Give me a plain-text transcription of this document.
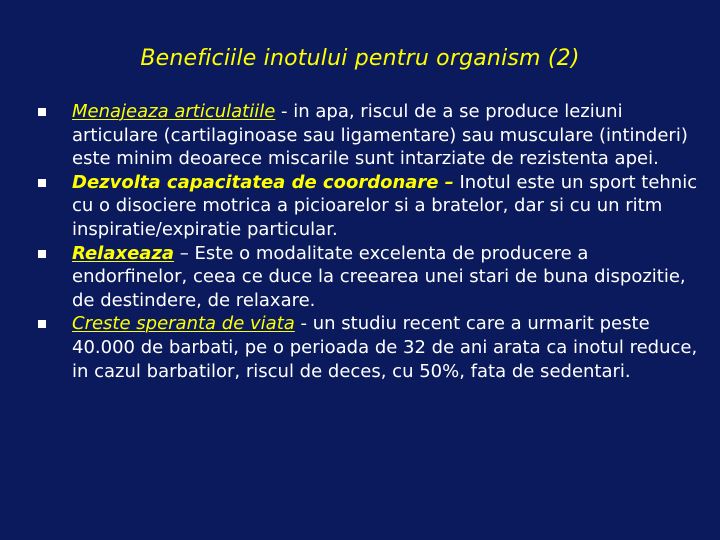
Beneficiile inotului pentru organism (2)
Menajeaza articulatiile - in apa, riscul de a se produce leziuni articulare (cartilaginoase sau ligamentare) sau musculare (intinderi) este minim deoarece miscarile sunt intarziate de rezistenta apei.
Dezvolta capacitatea de coordonare – Inotul este un sport tehnic cu o disociere motrica a picioarelor si a bratelor, dar si cu un ritm inspiratie/expiratie particular.
Relaxeaza – Este o modalitate excelenta de producere a endorfinelor, ceea ce duce la creearea unei stari de buna dispozitie, de destindere, de relaxare.
Creste speranta de viata - un studiu recent care a urmarit peste 40.000 de barbati, pe o perioada de 32 de ani arata ca inotul reduce, in cazul barbatilor, riscul de deces, cu 50%, fata de sedentari.
